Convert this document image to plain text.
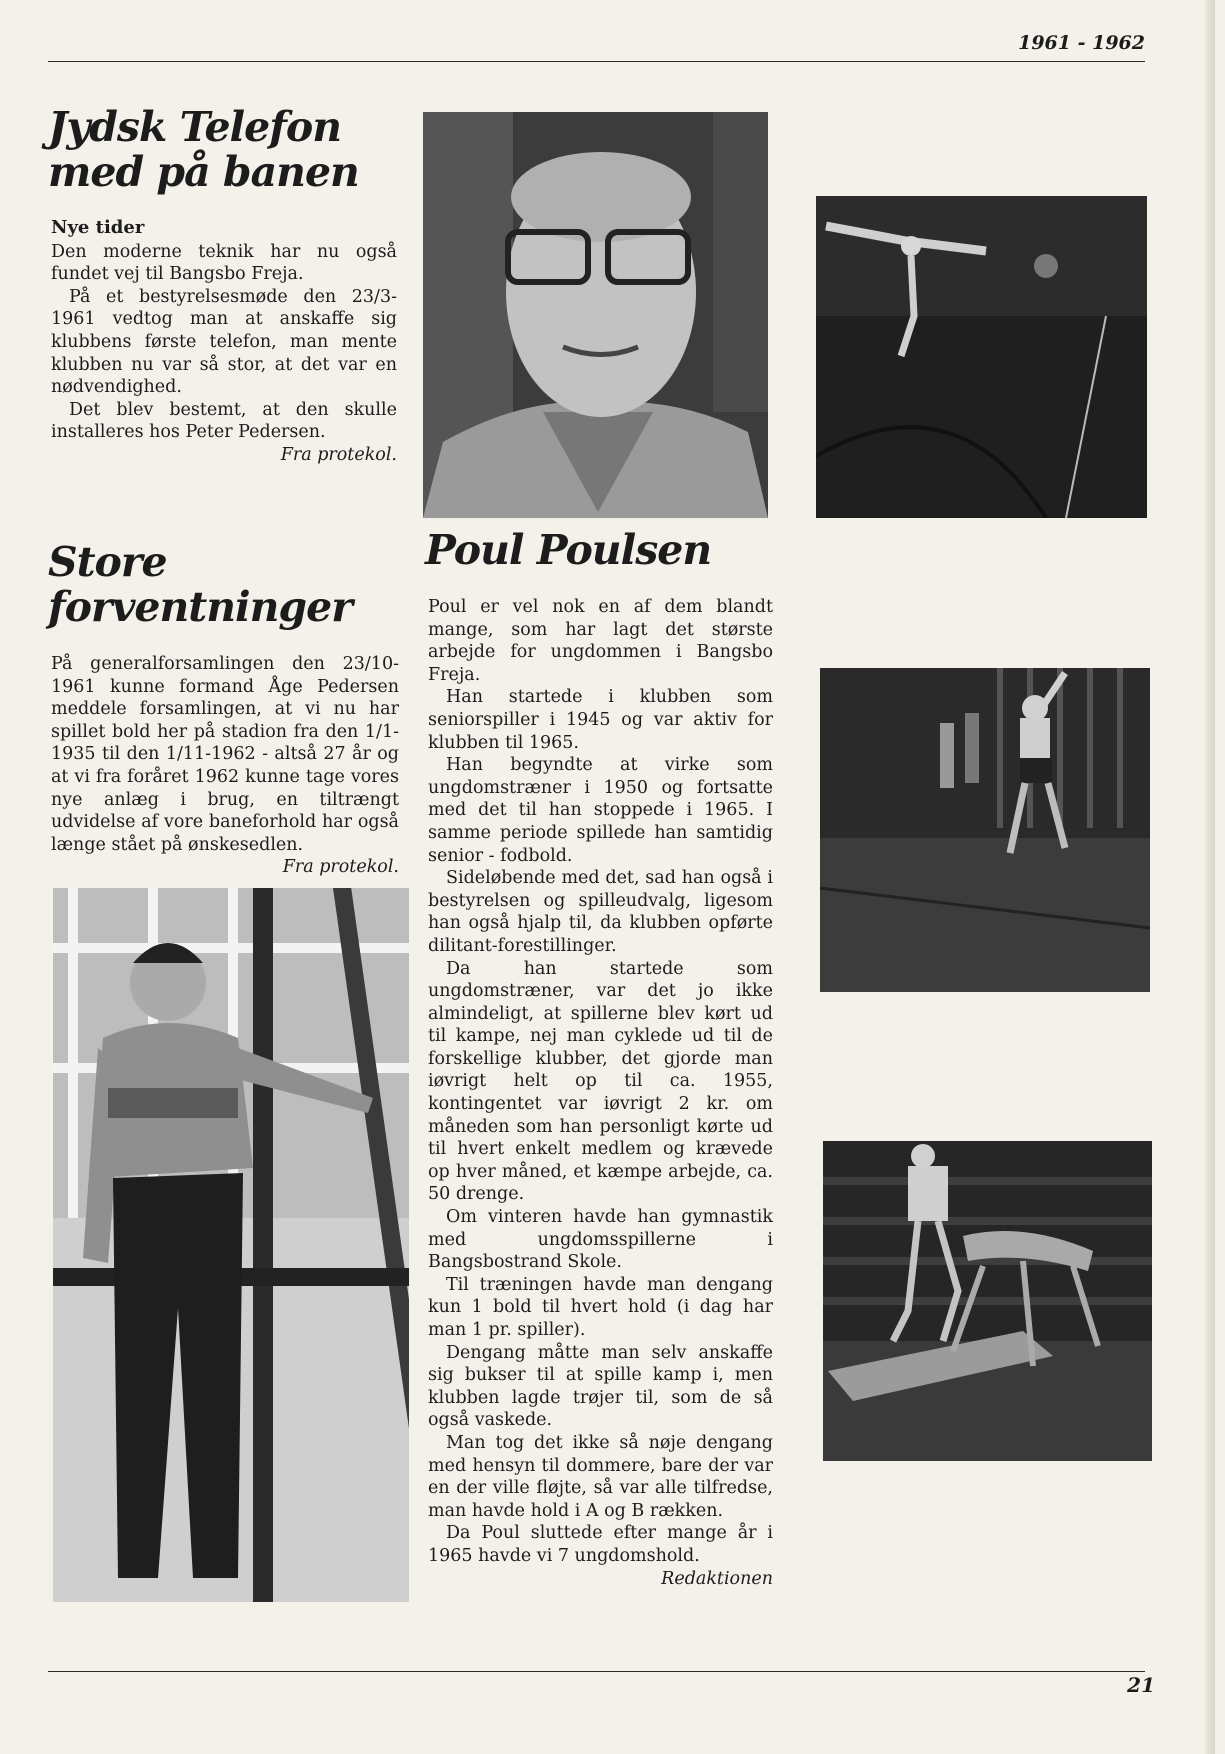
1961 - 1962
Jydsk Telefon
med på banen
Nye tider

Den moderne teknik har nu også fundet vej til Bangsbo Freja.

På et bestyrelsesmøde den 23/3-1961 vedtog man at anskaffe sig klubbens første telefon, man mente klubben nu var så stor, at det var en nødvendighed.

Det blev bestemt, at den skulle installeres hos Peter Pedersen.

Fra protekol.

Store
forventninger

På generalforsamlingen den 23/10-1961 kunne formand Åge Pedersen meddele forsamlingen, at vi nu har spillet bold her på stadion fra den 1/1-1935 til den 1/11-1962 - altså 27 år og at vi fra foråret 1962 kunne tage vores nye anlæg i brug, en tiltrængt udvidelse af vore baneforhold har også længe stået på ønskesedlen.

Fra protekol.

Poul Poulsen

Poul er vel nok en af dem blandt mange, som har lagt det største arbejde for ungdommen i Bangsbo Freja.

Han startede i klubben som seniorspiller i 1945 og var aktiv for klubben til 1965.

Han begyndte at virke som ungdomstræner i 1950 og fortsatte med det til han stoppede i 1965. I samme periode spillede han samtidig senior - fodbold.

Sideløbende med det, sad han også i bestyrelsen og spilleudvalg, ligesom han også hjalp til, da klubben opførte dilitant-forestillinger.

Da han startede som ungdomstræner, var det jo ikke almindeligt, at spillerne blev kørt ud til kampe, nej man cyklede ud til de forskellige klubber, det gjorde man iøvrigt helt op til ca. 1955, kontingentet var iøvrigt 2 kr. om måneden som han personligt kørte ud til hvert enkelt medlem og krævede op hver måned, et kæmpe arbejde, ca. 50 drenge.

Om vinteren havde han gymnastik med ungdomsspillerne i Bangsbostrand Skole.

Til træningen havde man dengang kun 1 bold til hvert hold (i dag har man 1 pr. spiller).

Dengang måtte man selv anskaffe sig bukser til at spille kamp i, men klubben lagde trøjer til, som de så også vaskede.

Man tog det ikke så nøje dengang med hensyn til dommere, bare der var en der ville fløjte, så var alle tilfredse, man havde hold i A og B rækken.

Da Poul sluttede efter mange år i 1965 havde vi 7 ungdomshold.

Redaktionen

21
